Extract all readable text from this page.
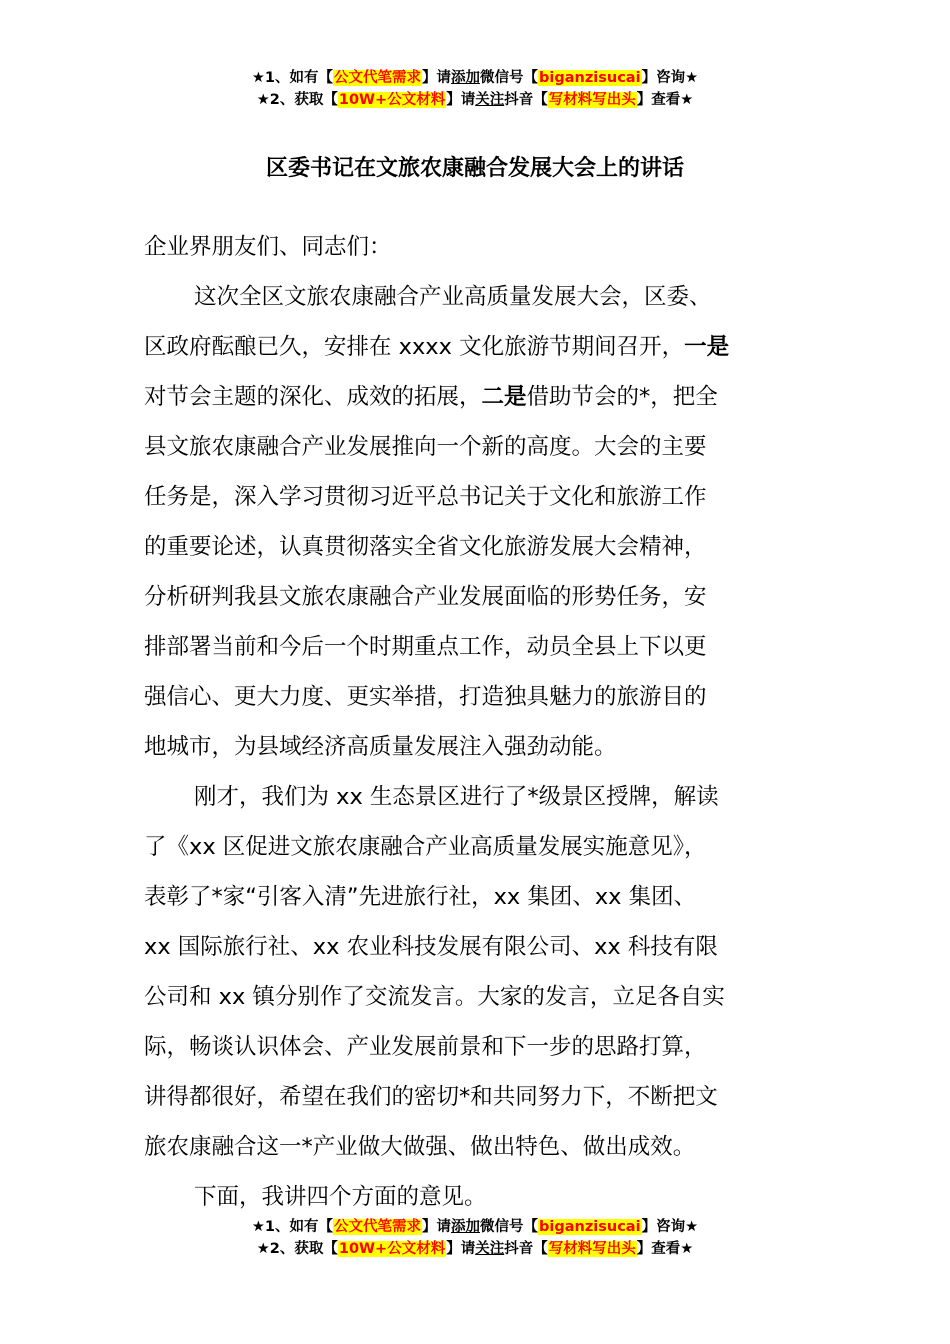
★1、如有【公文代笔需求】请添加微信号【biganzisucai】咨询★
★2、获取【10W+公文材料】请关注抖音【写材料写出头】查看★
区委书记在文旅农康融合发展大会上的讲话
企业界朋友们、同志们：
这次全区文旅农康融合产业高质量发展大会，区委、
区政府酝酿已久，安排在 xxxx 文化旅游节期间召开，一是
对节会主题的深化、成效的拓展，二是借助节会的*，把全
县文旅农康融合产业发展推向一个新的高度。大会的主要
任务是，深入学习贯彻习近平总书记关于文化和旅游工作
的重要论述，认真贯彻落实全省文化旅游发展大会精神，
分析研判我县文旅农康融合产业发展面临的形势任务，安
排部署当前和今后一个时期重点工作，动员全县上下以更
强信心、更大力度、更实举措，打造独具魅力的旅游目的
地城市，为县域经济高质量发展注入强劲动能。
刚才，我们为 xx 生态景区进行了*级景区授牌，解读
了《xx 区促进文旅农康融合产业高质量发展实施意见》，
表彰了*家“引客入清”先进旅行社，xx 集团、xx 集团、
xx 国际旅行社、xx 农业科技发展有限公司、xx 科技有限
公司和 xx 镇分别作了交流发言。大家的发言，立足各自实
际，畅谈认识体会、产业发展前景和下一步的思路打算，
讲得都很好，希望在我们的密切*和共同努力下，不断把文
旅农康融合这一*产业做大做强、做出特色、做出成效。
下面，我讲四个方面的意见。
★1、如有【公文代笔需求】请添加微信号【biganzisucai】咨询★
★2、获取【10W+公文材料】请关注抖音【写材料写出头】查看★
